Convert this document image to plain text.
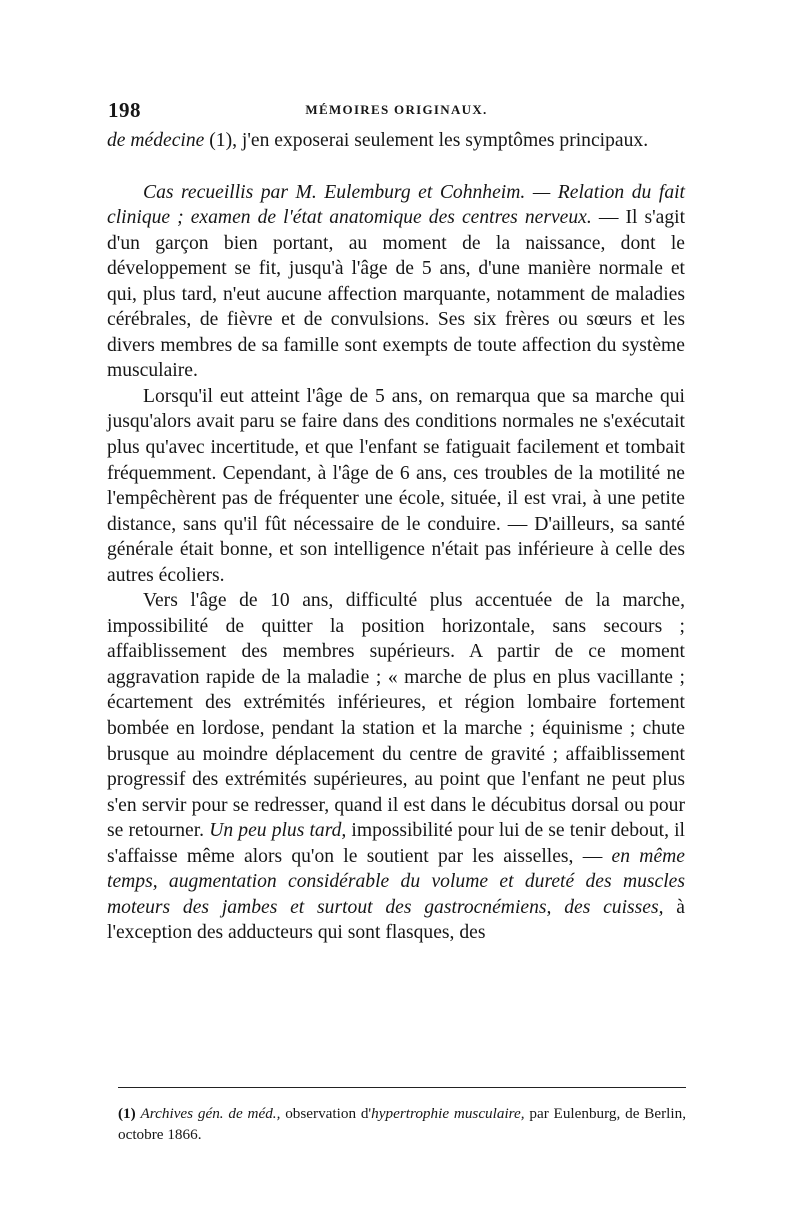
198	MÉMOIRES ORIGINAUX.

de médecine (1), j'en exposerai seulement les symptômes principaux.

Cas recueillis par M. Eulemburg et Cohnheim. — Relation du fait clinique ; examen de l'état anatomique des centres nerveux. — Il s'agit d'un garçon bien portant, au moment de la naissance, dont le développement se fit, jusqu'à l'âge de 5 ans, d'une manière normale et qui, plus tard, n'eut aucune affection marquante, notamment de maladies cérébrales, de fièvre et de convulsions. Ses six frères ou sœurs et les divers membres de sa famille sont exempts de toute affection du système musculaire.

Lorsqu'il eut atteint l'âge de 5 ans, on remarqua que sa marche qui jusqu'alors avait paru se faire dans des conditions normales ne s'exécutait plus qu'avec incertitude, et que l'enfant se fatiguait facilement et tombait fréquemment. Cependant, à l'âge de 6 ans, ces troubles de la motilité ne l'empêchèrent pas de fréquenter une école, située, il est vrai, à une petite distance, sans qu'il fût nécessaire de le conduire. — D'ailleurs, sa santé générale était bonne, et son intelligence n'était pas inférieure à celle des autres écoliers.

Vers l'âge de 10 ans, difficulté plus accentuée de la marche, impossibilité de quitter la position horizontale, sans secours ; affaiblissement des membres supérieurs. A partir de ce moment aggravation rapide de la maladie ; « marche de plus en plus vacillante ; écartement des extrémités inférieures, et région lombaire fortement bombée en lordose, pendant la station et la marche ; équinisme ; chute brusque au moindre déplacement du centre de gravité ; affaiblissement progressif des extrémités supérieures, au point que l'enfant ne peut plus s'en servir pour se redresser, quand il est dans le décubitus dorsal ou pour se retourner. Un peu plus tard, impossibilité pour lui de se tenir debout, il s'affaisse même alors qu'on le soutient par les aisselles, — en même temps, augmentation considérable du volume et dureté des muscles moteurs des jambes et surtout des gastrocnémiens, des cuisses, à l'exception des adducteurs qui sont flasques, des

(1) Archives gén. de méd., observation d'hypertrophie musculaire, par Eulenburg, de Berlin, octobre 1866.
